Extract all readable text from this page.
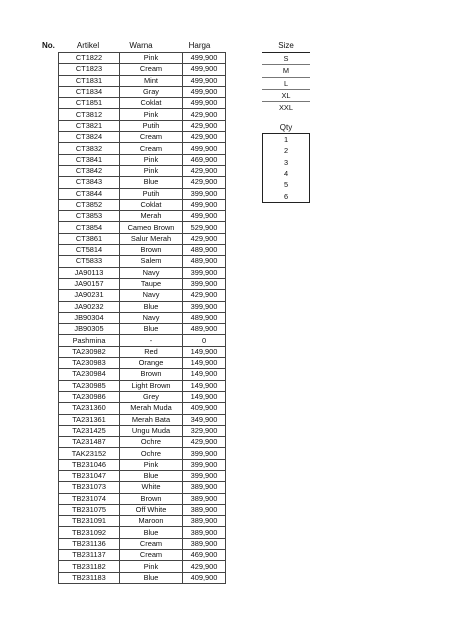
No.	Artikel	Warna	Harga
CT1822	Pink	499,900
CT1823	Cream	499,900
CT1831	Mint	499,900
CT1834	Gray	499,900
CT1851	Coklat	499,900
CT3812	Pink	429,900
CT3821	Putih	429,900
CT3824	Cream	429,900
CT3832	Cream	499,900
CT3841	Pink	469,900
CT3842	Pink	429,900
CT3843	Blue	429,900
CT3844	Putih	399,900
CT3852	Coklat	499,900
CT3853	Merah	499,900
CT3854	Cameo Brown	529,900
CT3861	Salur Merah	429,900
CT5814	Brown	489,900
CT5833	Salem	489,900
JA90113	Navy	399,900
JA90157	Taupe	399,900
JA90231	Navy	429,900
JA90232	Blue	399,900
JB90304	Navy	489,900
JB90305	Blue	489,900
Pashmina	-	0
TA230982	Red	149,900
TA230983	Orange	149,900
TA230984	Brown	149,900
TA230985	Light Brown	149,900
TA230986	Grey	149,900
TA231360	Merah Muda	409,900
TA231361	Merah Bata	349,900
TA231425	Ungu Muda	329,900
TA231487	Ochre	429,900
TAK23152	Ochre	399,900
TB231046	Pink	399,900
TB231047	Blue	399,900
TB231073	White	389,900
TB231074	Brown	389,900
TB231075	Off White	389,900
TB231091	Maroon	389,900
TB231092	Blue	389,900
TB231136	Cream	389,900
TB231137	Cream	469,900
TB231182	Pink	429,900
TB231183	Blue	409,900
Size
S
M
L
XL
XXL
Qty
1
2
3
4
5
6
